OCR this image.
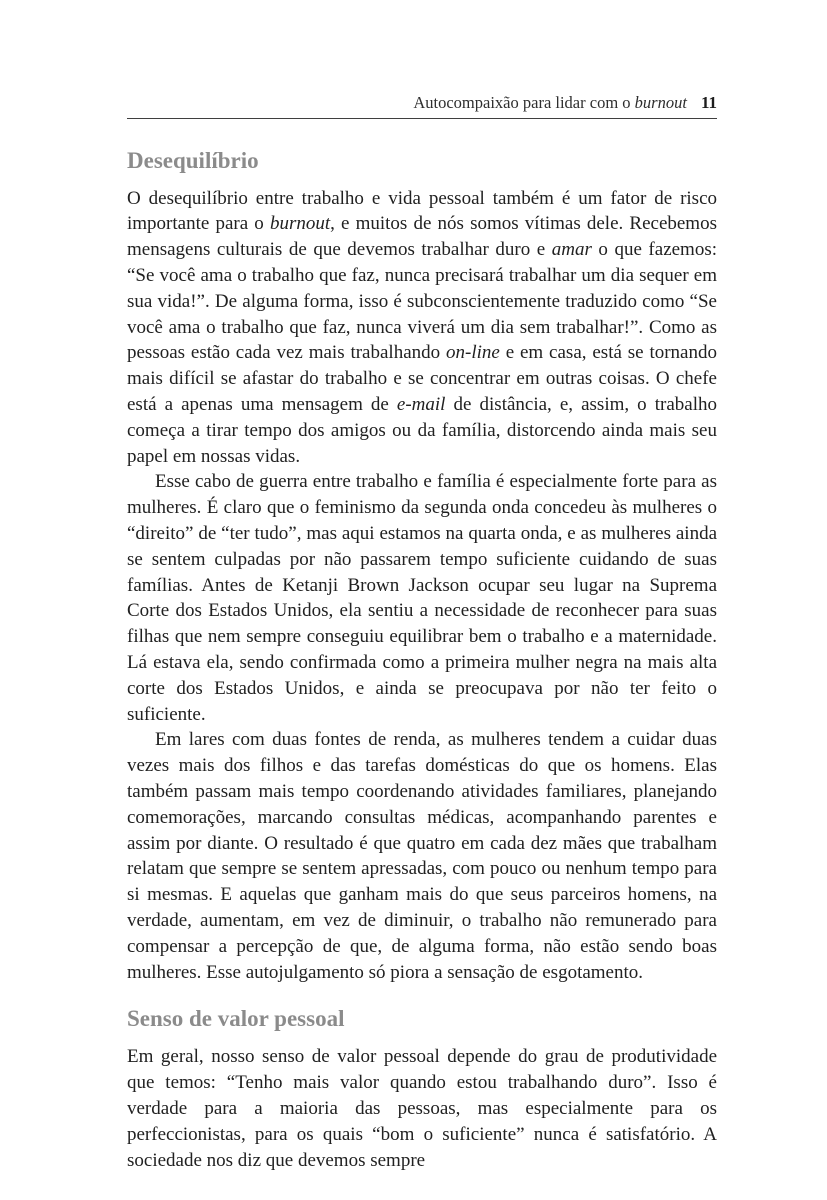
Autocompaixão para lidar com o burnout 11
Desequilíbrio

O desequilíbrio entre trabalho e vida pessoal também é um fator de risco importante para o burnout, e muitos de nós somos vítimas dele. Recebemos mensagens culturais de que devemos trabalhar duro e amar o que fazemos: “Se você ama o trabalho que faz, nunca precisará trabalhar um dia sequer em sua vida!”. De alguma forma, isso é subconscientemente traduzido como “Se você ama o trabalho que faz, nunca viverá um dia sem trabalhar!”. Como as pessoas estão cada vez mais trabalhando on-line e em casa, está se tornando mais difícil se afastar do trabalho e se concentrar em outras coisas. O chefe está a apenas uma mensagem de e-mail de distância, e, assim, o trabalho começa a tirar tempo dos amigos ou da família, distorcendo ainda mais seu papel em nossas vidas.

Esse cabo de guerra entre trabalho e família é especialmente forte para as mulheres. É claro que o feminismo da segunda onda concedeu às mulheres o “direito” de “ter tudo”, mas aqui estamos na quarta onda, e as mulheres ainda se sentem culpadas por não passarem tempo suficiente cuidando de suas famílias. Antes de Ketanji Brown Jackson ocupar seu lugar na Suprema Corte dos Estados Unidos, ela sentiu a necessidade de reconhecer para suas filhas que nem sempre conseguiu equilibrar bem o trabalho e a maternidade. Lá estava ela, sendo confirmada como a primeira mulher negra na mais alta corte dos Estados Unidos, e ainda se preocupava por não ter feito o suficiente.

Em lares com duas fontes de renda, as mulheres tendem a cuidar duas vezes mais dos filhos e das tarefas domésticas do que os homens. Elas também passam mais tempo coordenando atividades familiares, planejando comemorações, marcando consultas médicas, acompanhando parentes e assim por diante. O resultado é que quatro em cada dez mães que trabalham relatam que sempre se sentem apressadas, com pouco ou nenhum tempo para si mesmas. E aquelas que ganham mais do que seus parceiros homens, na verdade, aumentam, em vez de diminuir, o trabalho não remunerado para compensar a percepção de que, de alguma forma, não estão sendo boas mulheres. Esse autojulgamento só piora a sensação de esgotamento.

Senso de valor pessoal

Em geral, nosso senso de valor pessoal depende do grau de produtividade que temos: “Tenho mais valor quando estou trabalhando duro”. Isso é verdade para a maioria das pessoas, mas especialmente para os perfeccionistas, para os quais “bom o suficiente” nunca é satisfatório. A sociedade nos diz que devemos sempre
